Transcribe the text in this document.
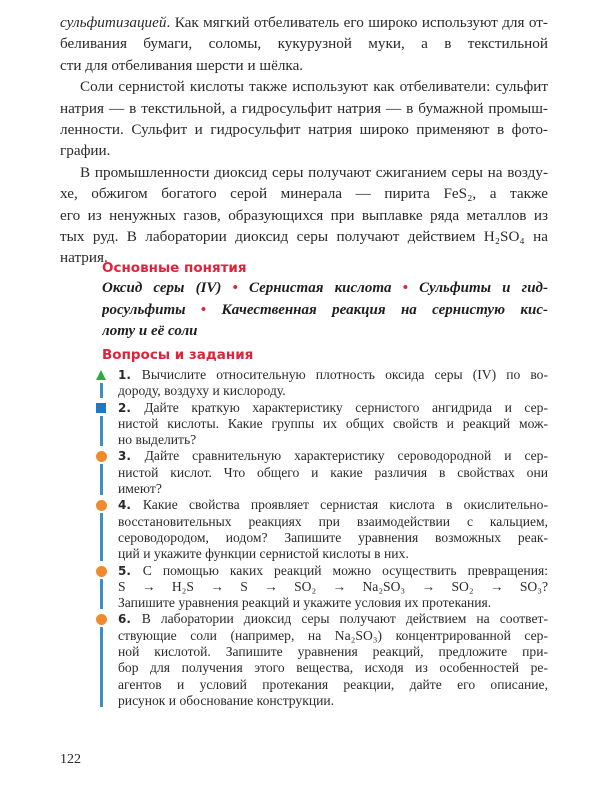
сульфитизацией. Как мягкий отбеливатель его широко используют для от-
беливания бумаги, соломы, кукурузной муки, а в текстильной
сти для отбеливания шерсти и шёлка.
Соли сернистой кислоты также используют как отбеливатели: сульфит
натрия — в текстильной, а гидросульфит натрия — в бумажной промыш-
ленности. Сульфит и гидросульфит натрия широко применяют в фото-
графии.
В промышленности диоксид серы получают сжиганием серы на возду-
хе, обжигом богатого серой минерала — пирита FeS₂, а также
его из ненужных газов, образующихся при выплавке ряда металлов из
тых руд. В лаборатории диоксид серы получают действием H₂SO₄ на
натрия.
Основные понятия
Оксид серы (IV) • Сернистая кислота • Сульфиты и гид-
росульфиты • Качественная реакция на сернистую кис-
лоту и её соли
Вопросы и задания
1. Вычислите относительную плотность оксида серы (IV) по во-
дороду, воздуху и кислороду.
2. Дайте краткую характеристику сернистого ангидрида и сер-
нистой кислоты. Какие группы их общих свойств и реакций мож-
но выделить?
3. Дайте сравнительную характеристику сероводородной и сер-
нистой кислот. Что общего и какие различия в свойствах они
имеют?
4. Какие свойства проявляет сернистая кислота в окислительно-
восстановительных реакциях при взаимодействии с кальцием,
сероводородом, иодом? Запишите уравнения возможных реак-
ций и укажите функции сернистой кислоты в них.
5. С помощью каких реакций можно осуществить превращения:
S → H₂S → S → SO₂ → Na₂SO₃ → SO₂ → SO₃?
Запишите уравнения реакций и укажите условия их протекания.
6. В лаборатории диоксид серы получают действием на соответ-
ствующие соли (например, на Na₂SO₃) концентрированной сер-
ной кислотой. Запишите уравнения реакций, предложите при-
бор для получения этого вещества, исходя из особенностей ре-
агентов и условий протекания реакции, дайте его описание,
рисунок и обоснование конструкции.
122
